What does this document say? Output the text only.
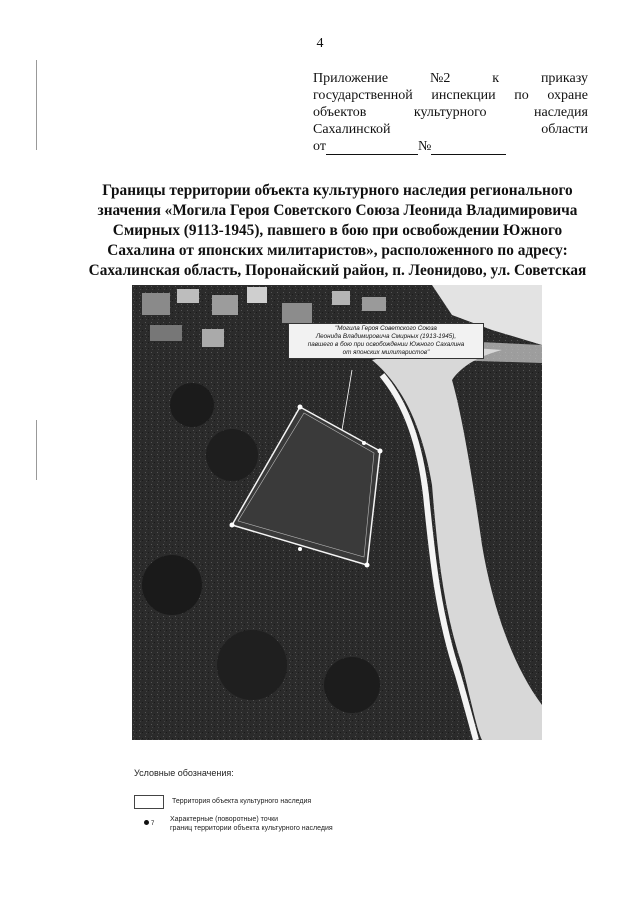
4
Приложение	№2	к	приказу
государственной инспекции по охране
объектов	культурного	наследия
Сахалинской	области
от	№
Границы территории объекта культурного наследия регионального
значения «Могила Героя Советского Союза Леонида Владимировича
Смирных (9113-1945), павшего в бою при освобождении Южного
Сахалина от японских милитаристов», расположенного по адресу:
Сахалинская область, Поронайский район, п. Леонидово, ул. Советская
"Могила Героя Советского Союза
Леонида Владимировича Смирных (1913-1945),
павшего в бою при освобождении Южного Сахалина
от японских милитаристов"
Условные обозначения:
Территория объекта культурного наследия
7
Характерные (поворотные) точки
границ территории объекта культурного наследия
